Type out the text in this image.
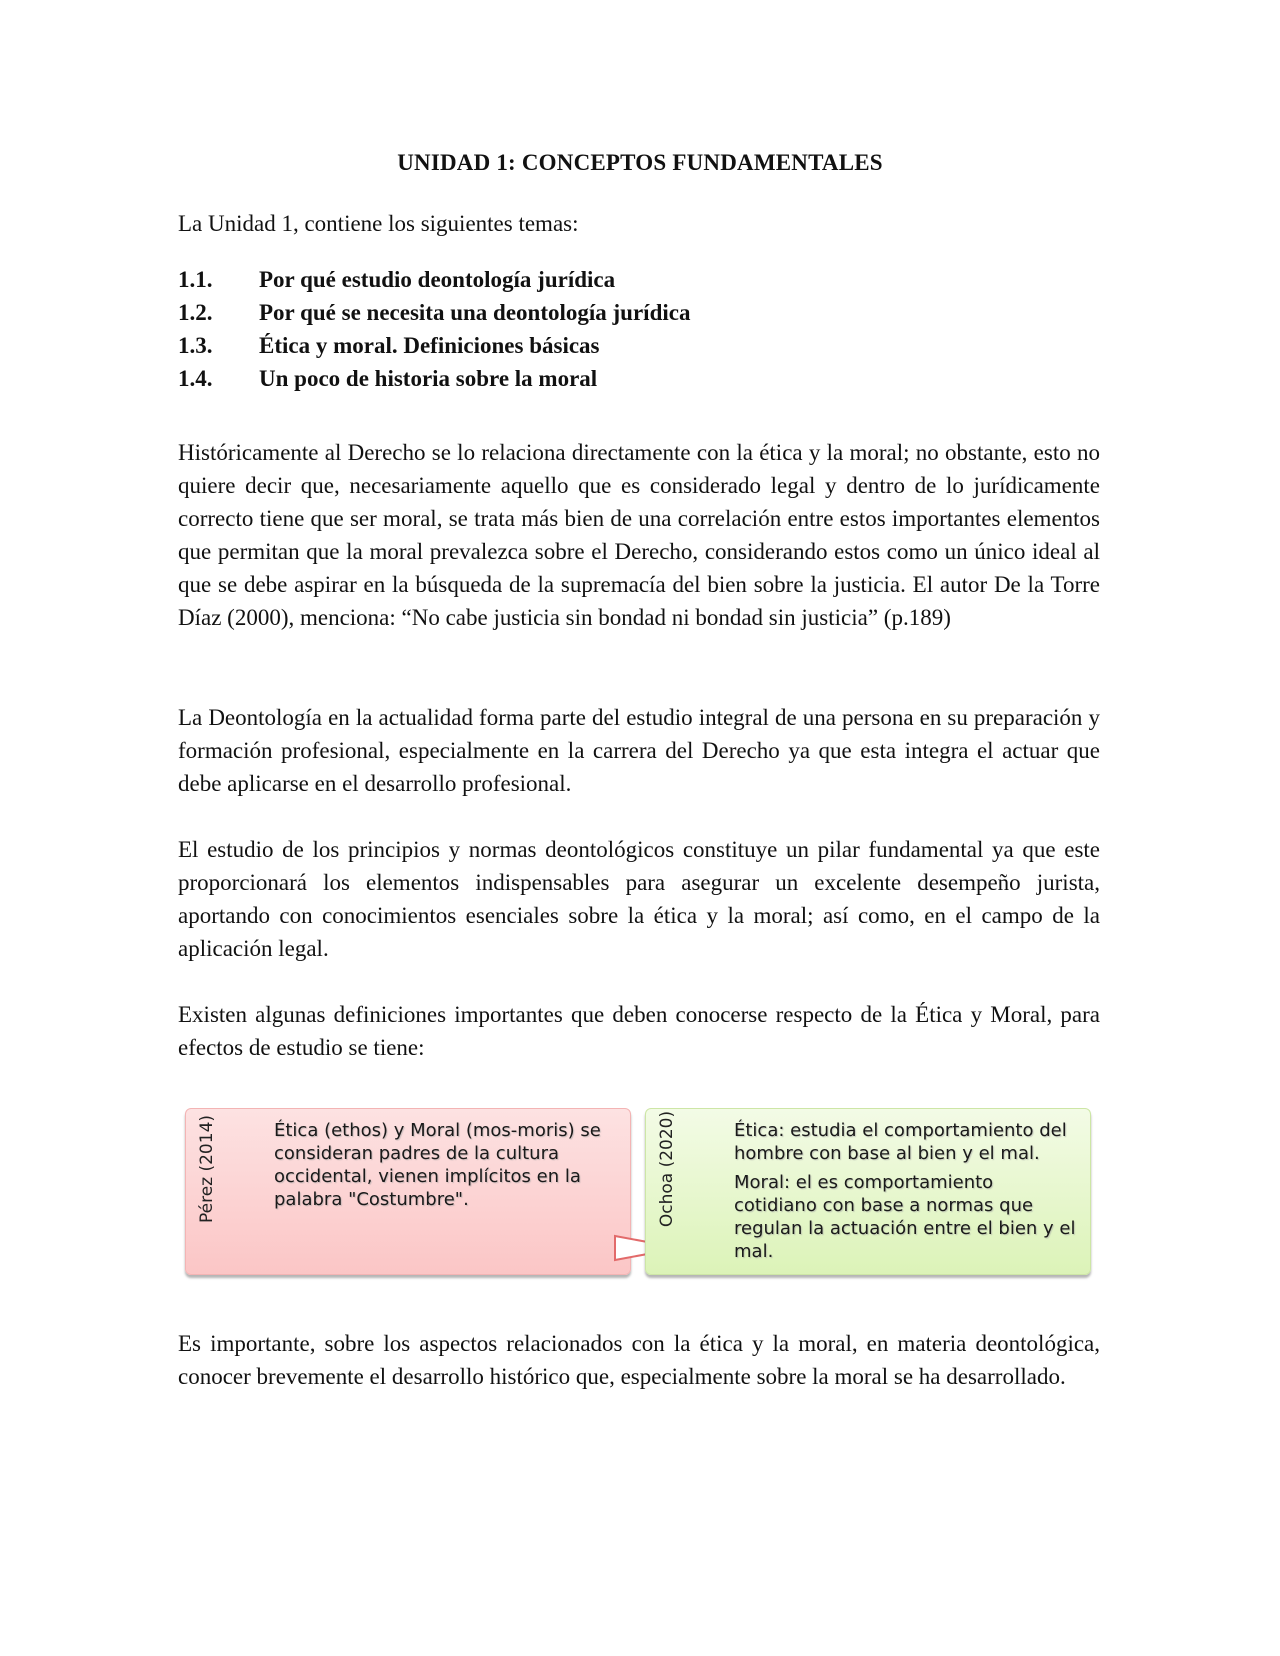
UNIDAD 1: CONCEPTOS FUNDAMENTALES
La Unidad 1, contiene los siguientes temas:
1.1.	Por qué estudio deontología jurídica
1.2.	Por qué se necesita una deontología jurídica
1.3.	Ética y moral. Definiciones básicas
1.4.	Un poco de historia sobre la moral
Históricamente al Derecho se lo relaciona directamente con la ética y la moral; no obstante, esto no quiere decir que, necesariamente aquello que es considerado legal y dentro de lo jurídicamente correcto tiene que ser moral, se trata más bien de una correlación entre estos importantes elementos que permitan que la moral prevalezca sobre el Derecho, considerando estos como un único ideal al que se debe aspirar en la búsqueda de la supremacía del bien sobre la justicia. El autor De la Torre Díaz (2000), menciona: “No cabe justicia sin bondad ni bondad sin justicia” (p.189)
La Deontología en la actualidad forma parte del estudio integral de una persona en su preparación y formación profesional, especialmente en la carrera del Derecho ya que esta integra el actuar que debe aplicarse en el desarrollo profesional.
El estudio de los principios y normas deontológicos constituye un pilar fundamental ya que este proporcionará los elementos indispensables para asegurar un excelente desempeño jurista, aportando con conocimientos esenciales sobre la ética y la moral; así como, en el campo de la aplicación legal.
Existen algunas definiciones importantes que deben conocerse respecto de la Ética y Moral, para efectos de estudio se tiene:
Pérez (2014)	Ética (ethos) y Moral (mos-moris) se consideran padres de la cultura occidental, vienen implícitos en la palabra "Costumbre".	Ochoa (2020)	Ética: estudia el comportamiento del hombre con base al bien y el mal.

Moral: el es comportamiento cotidiano con base a normas que regulan la actuación entre el bien y el mal.

Es importante, sobre los aspectos relacionados con la ética y la moral, en materia deontológica, conocer brevemente el desarrollo histórico que, especialmente sobre la moral se ha desarrollado.
